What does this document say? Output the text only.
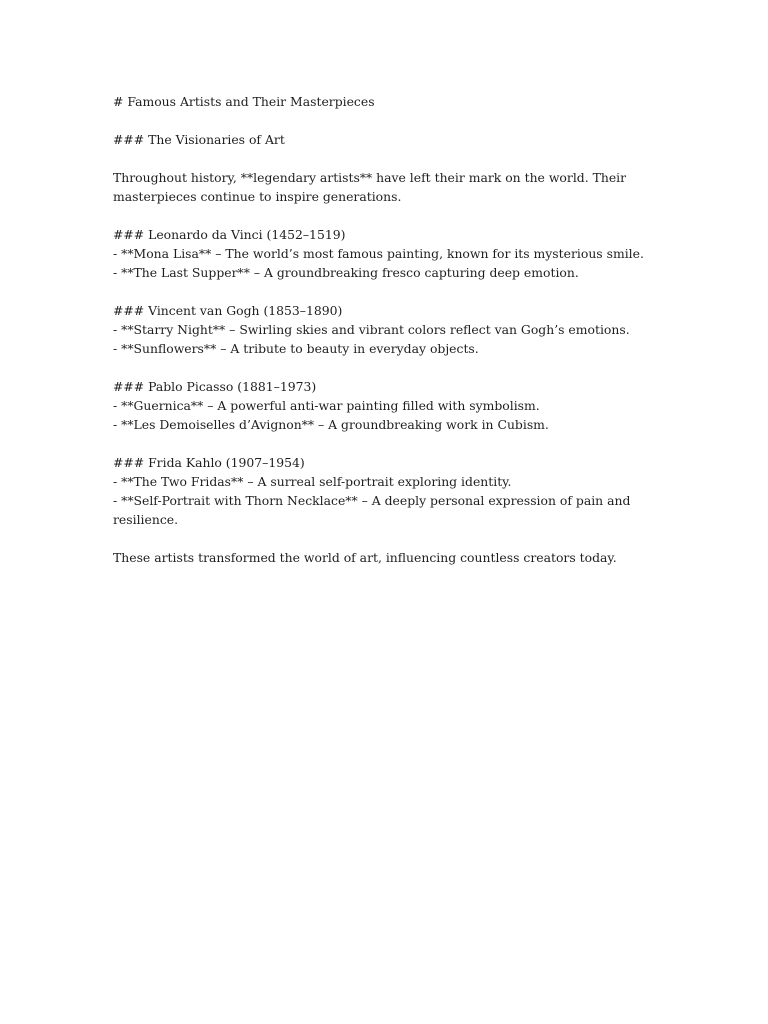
# Famous Artists and Their Masterpieces
### The Visionaries of Art
Throughout history, **legendary artists** have left their mark on the world. Their
masterpieces continue to inspire generations.
### Leonardo da Vinci (1452–1519)
- **Mona Lisa** – The world’s most famous painting, known for its mysterious smile.
- **The Last Supper** – A groundbreaking fresco capturing deep emotion.
### Vincent van Gogh (1853–1890)
- **Starry Night** – Swirling skies and vibrant colors reflect van Gogh’s emotions.
- **Sunflowers** – A tribute to beauty in everyday objects.
### Pablo Picasso (1881–1973)
- **Guernica** – A powerful anti-war painting filled with symbolism.
- **Les Demoiselles d’Avignon** – A groundbreaking work in Cubism.
### Frida Kahlo (1907–1954)
- **The Two Fridas** – A surreal self-portrait exploring identity.
- **Self-Portrait with Thorn Necklace** – A deeply personal expression of pain and
resilience.
These artists transformed the world of art, influencing countless creators today.
